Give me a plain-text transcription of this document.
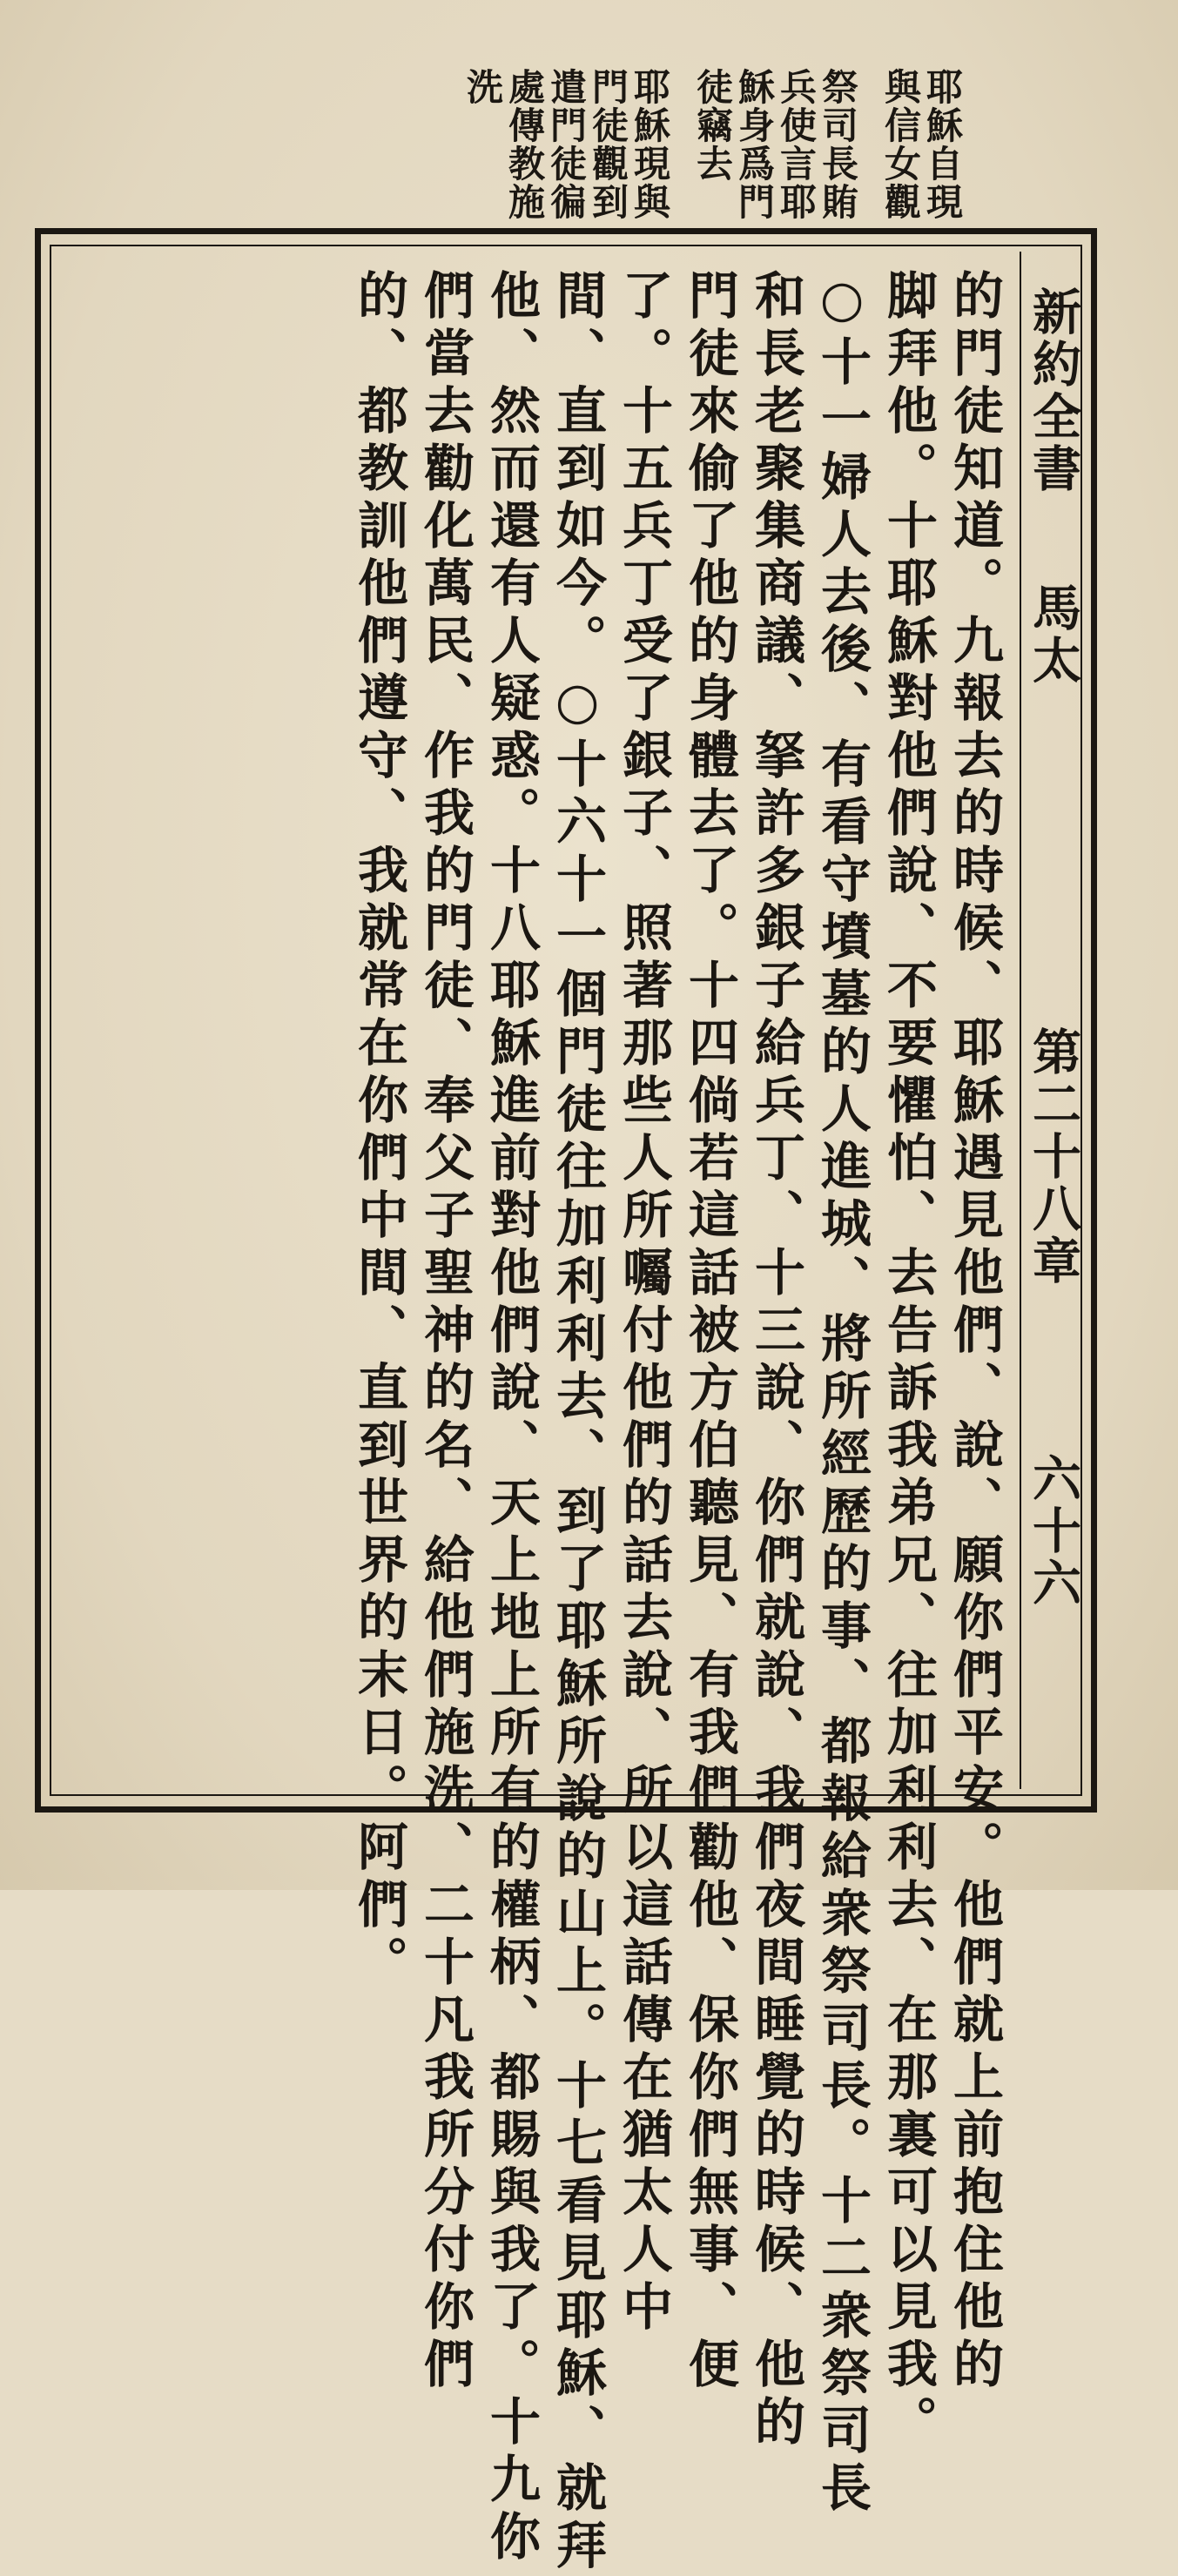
耶穌自現
與信女觀
祭司長賄
兵使言耶
穌身爲門
徒竊去
耶穌現與
門徒觀到
遣門徒徧
處傳教施
洗
新約全書
馬太
第二十八章
六十六
的門徒知道。九報去的時候、耶穌遇見他們、說、願你們平安。他們就上前抱住他的
脚拜他。十耶穌對他們說、不要懼怕、去告訴我弟兄、往加利利去、在那裏可以見我。
○十一婦人去後、有看守墳墓的人進城、將所經歷的事、都報給衆祭司長。十二衆祭司長
和長老聚集商議、拏許多銀子給兵丁、十三說、你們就說、我們夜間睡覺的時候、他的
門徒來偷了他的身體去了。十四倘若這話被方伯聽見、有我們勸他、保你們無事、便
了。十五兵丁受了銀子、照著那些人所囑付他們的話去說、所以這話傳在猶太人中
間、直到如今。○十六十一個門徒往加利利去、到了耶穌所說的山上。十七看見耶穌、就拜
他、然而還有人疑惑。十八耶穌進前對他們說、天上地上所有的權柄、都賜與我了。十九你
們當去勸化萬民、作我的門徒、奉父子聖神的名、給他們施洗、二十凡我所分付你們
的、都教訓他們遵守、我就常在你們中間、直到世界的末日。阿們。
